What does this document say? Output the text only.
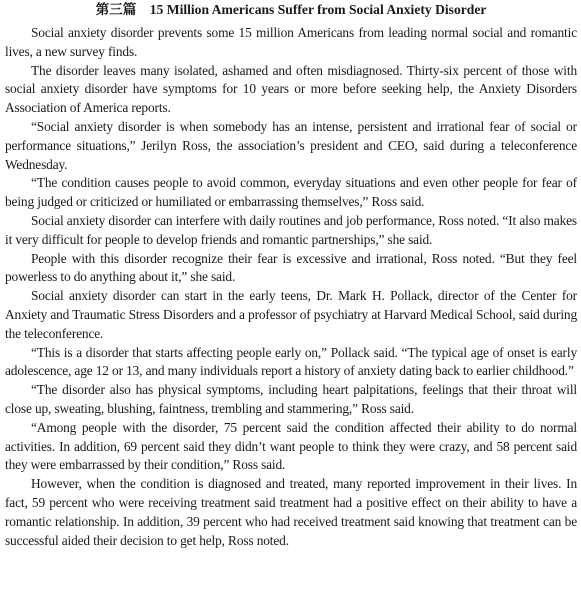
第三篇 15 Million Americans Suffer from Social Anxiety Disorder

Social anxiety disorder prevents some 15 million Americans from leading normal social and romantic lives, a new survey finds.

The disorder leaves many isolated, ashamed and often misdiagnosed. Thirty-six percent of those with social anxiety disorder have symptoms for 10 years or more before seeking help, the Anxiety Disorders Association of America reports.

“Social anxiety disorder is when somebody has an intense, persistent and irrational fear of social or performance situations,” Jerilyn Ross, the association’s president and CEO, said during a teleconference Wednesday.

“The condition causes people to avoid common, everyday situations and even other people for fear of being judged or criticized or humiliated or embarrassing themselves,” Ross said.

Social anxiety disorder can interfere with daily routines and job performance, Ross noted. “It also makes it very difficult for people to develop friends and romantic partnerships,” she said.

People with this disorder recognize their fear is excessive and irrational, Ross noted. “But they feel powerless to do anything about it,” she said.

Social anxiety disorder can start in the early teens, Dr. Mark H. Pollack, director of the Center for Anxiety and Traumatic Stress Disorders and a professor of psychiatry at Harvard Medical School, said during the teleconference.

“This is a disorder that starts affecting people early on,” Pollack said. “The typical age of onset is early adolescence, age 12 or 13, and many individuals report a history of anxiety dating back to earlier childhood.”

“The disorder also has physical symptoms, including heart palpitations, feelings that their throat will close up, sweating, blushing, faintness, trembling and stammering,” Ross said.

“Among people with the disorder, 75 percent said the condition affected their ability to do normal activities. In addition, 69 percent said they didn’t want people to think they were crazy, and 58 percent said they were embarrassed by their condition,” Ross said.

However, when the condition is diagnosed and treated, many reported improvement in their lives. In fact, 59 percent who were receiving treatment said treatment had a positive effect on their ability to have a romantic relationship. In addition, 39 percent who had received treatment said knowing that treatment can be successful aided their decision to get help, Ross noted.
